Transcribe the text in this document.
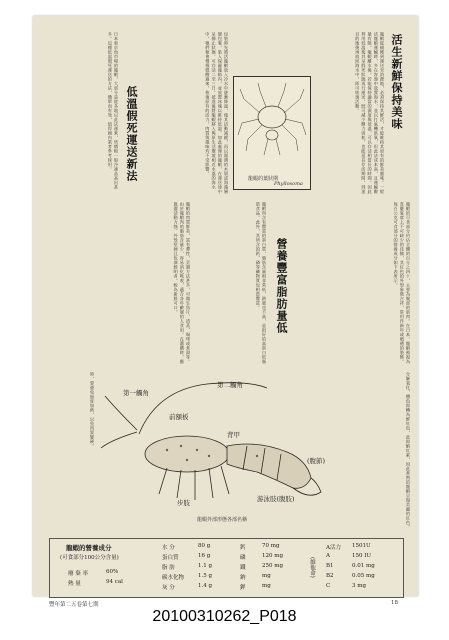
活生新鮮保持美味
龍蝦從捕獲到運送至消費地，必須保持其鮮活，才能維持其原有的鮮美風味。一般活龍蝦運輸時，多在容器中放置海水，並以打氣機供氧，但此法成本高，且運輸數量有限。龍蝦離水後，若能保持適當的濕度與低溫，可以存活相當長的時間，因此利用低溫使其呈假死狀態再行運送，既可減少體力消耗，也能延長存活期間，到達目的地後再放回海水中，即可恢復活動。
龍蝦的葉狀期
Phyllosoma
包裝時先將活龍蝦放入冷水中逐漸降溫，使其活動減緩，再以濕潤的木屑或海藻層層包裹，裝入保麗龍箱內，並放置冰塊以維持低溫。如此處理的龍蝦，在運送途中呈靜止狀態，可存活二至三日。抵達後將龍蝦移入與原生活環境相近水溫的海水中，牠們便會慢慢甦醒過來，恢復原有的活力，肉質與風味均不受影響。
低溫假死運送新法
日本東京魚市場的龍蝦，大部分是從各地以此法運來，售價較一般冷凍品高出甚多。這種低溫假死運送的方法，簡單而有效，值得國內業者參考採用。
龍蝦的可食部分約佔全體的百分之四十，主要為腹部的肌肉。在日本，龍蝦被視為喜慶宴席上不可缺少的佳餚，其紅色的外殼象徵吉祥，常用作新年或婚禮的裝飾。每百公克可食部分的營養成分如下表所示。
營養豐富脂肪量低
龍蝦肉含有豐富的蛋白質，脂肪含量則非常低，熱量也不高，是很好的高蛋白低脂肪食品。此外，其所含的鈣、磷等礦物質也相當豐富。
龍蝦的肉質鮮美，富有彈性，烹調方法甚多，可做生魚片、清蒸、焗烤或煮湯等。由於龍蝦肉的脂肪含量少，容易消化吸收，適合各年齡層的人食用。在選購時，應挑選活動力強、外殼堅硬且色澤鮮明者，較為新鮮可口。
分解氧化，體色即轉為鮮紅色，此即蝦紅素，因此煮熟的龍蝦呈現美麗的紅色。
第一觸角
第二觸角
前額板
背甲
(腹節)
步肢	游泳肢(腹肢)
龍蝦外部形態各部名稱
時，要避免過度加熱，以免肉質變硬。
龍蝦的營養成分
(可食部分100公分含量)
廢 棄 率	60%
熱 量	94 cal
水 分	80 g
蛋白質	16 g
脂 肪	1.1 g
碳水化物	1.5 g
灰 分	1.4 g
鈣	70 mg
磷	120 mg
鐵	250 mg
鈉	mg
鉀	mg
(維他命)
A活力 1501U
A	150 IU
B1	0.01 mg
B2	0.05 mg
C	3 mg
豐年第二五卷第七期	18
20100310262_P018
